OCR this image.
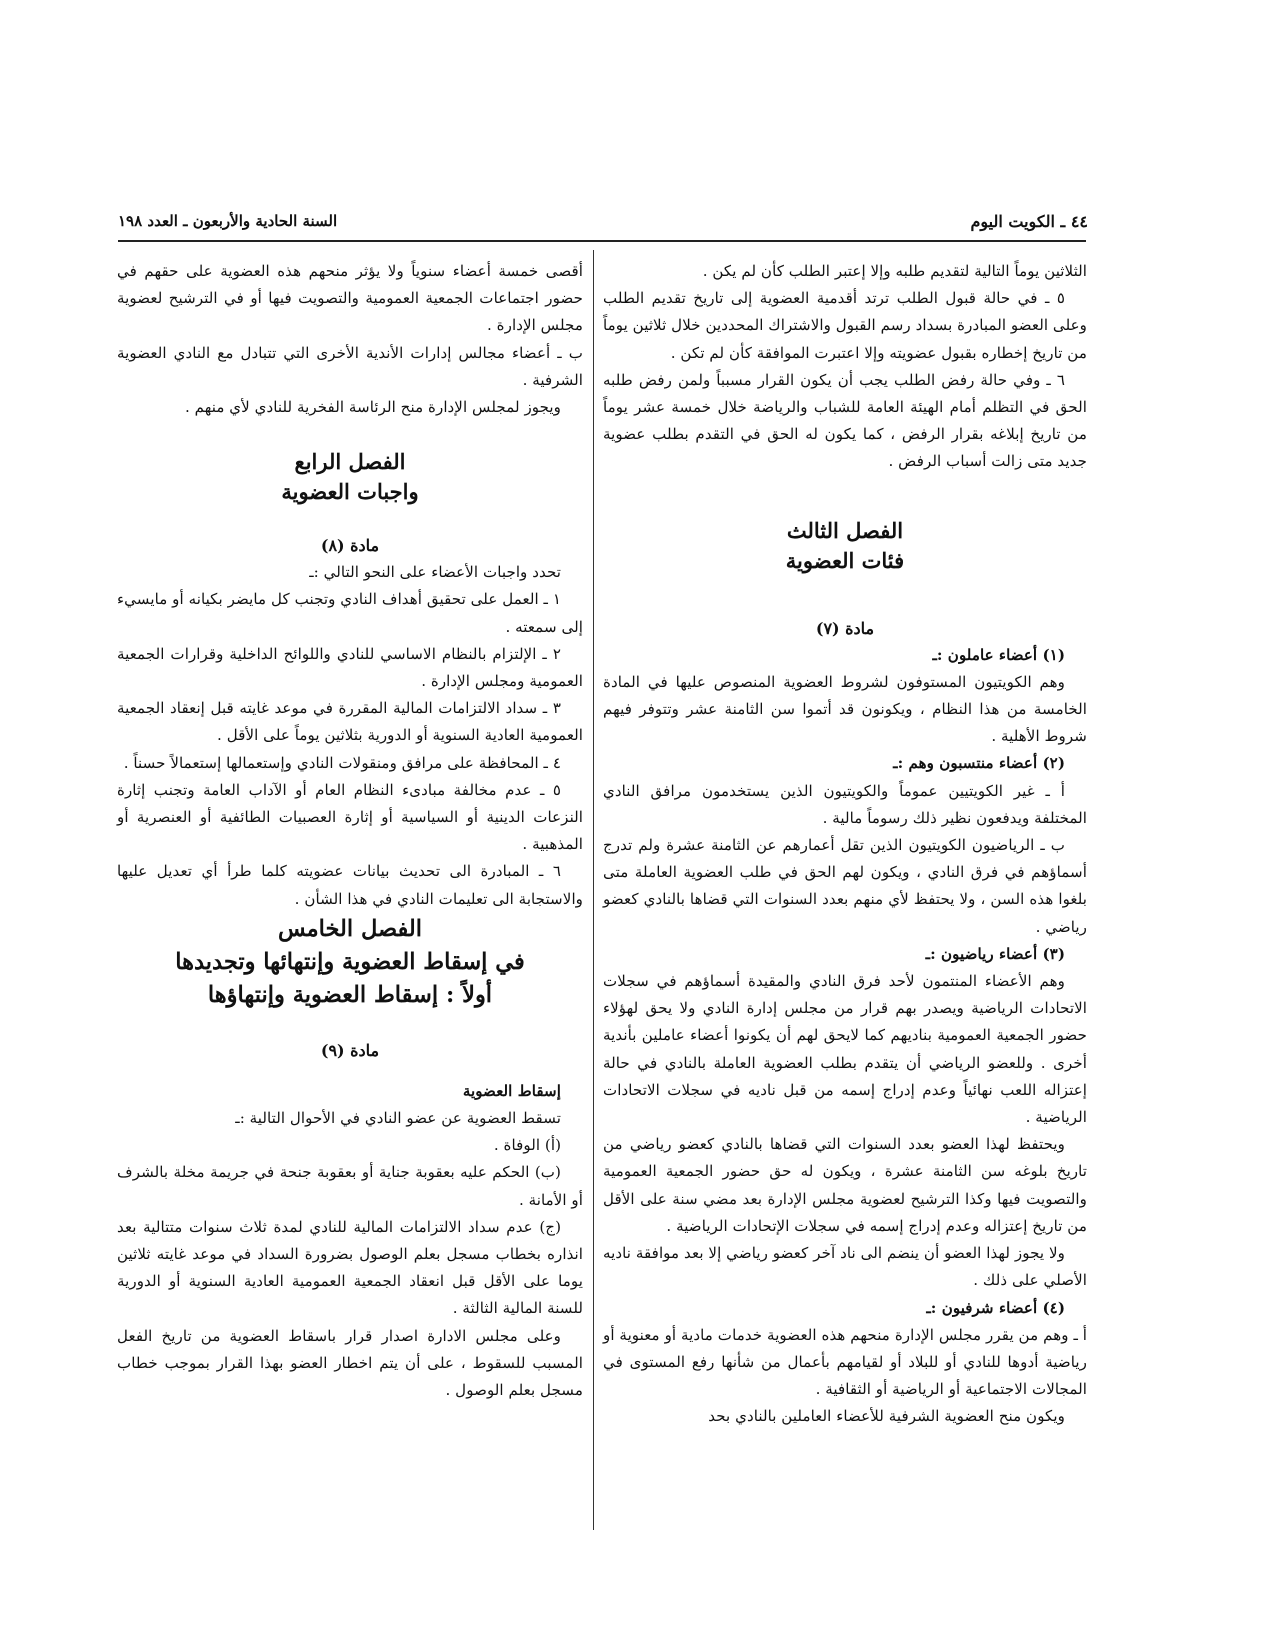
السنة الحادية والأربعون ـ العدد ١٩٨	٤٤ ـ الكويت اليوم

الثلاثين يوماً التالية لتقديم طلبه وإلا إعتبر الطلب كأن لم يكن .

٥ ـ في حالة قبول الطلب ترتد أقدمية العضوية إلى تاريخ تقديم الطلب وعلى العضو المبادرة بسداد رسم القبول والاشتراك المحددين خلال ثلاثين يوماً من تاريخ إخطاره بقبول عضويته وإلا اعتبرت الموافقة كأن لم تكن .

٦ ـ وفي حالة رفض الطلب يجب أن يكون القرار مسبباً ولمن رفض طلبه الحق في التظلم أمام الهيئة العامة للشباب والرياضة خلال خمسة عشر يوماً من تاريخ إبلاغه بقرار الرفض ، كما يكون له الحق في التقدم بطلب عضوية جديد متى زالت أسباب الرفض .

الفصل الثالث

فئات العضوية

مادة (٧)

(١) أعضاء عاملون :ـ

وهم الكويتيون المستوفون لشروط العضوية المنصوص عليها في المادة الخامسة من هذا النظام ، ويكونون قد أتموا سن الثامنة عشر وتتوفر فيهم شروط الأهلية .

(٢) أعضاء منتسبون وهم :ـ

أ ـ غير الكويتيين عموماً والكويتيون الذين يستخدمون مرافق النادي المختلفة ويدفعون نظير ذلك رسوماً مالية .

ب ـ الرياضيون الكويتيون الذين تقل أعمارهم عن الثامنة عشرة ولم تدرج أسماؤهم في فرق النادي ، ويكون لهم الحق في طلب العضوية العاملة متى بلغوا هذه السن ، ولا يحتفظ لأي منهم بعدد السنوات التي قضاها بالنادي كعضو رياضي .

(٣) أعضاء رياضيون :ـ

وهم الأعضاء المنتمون لأحد فرق النادي والمقيدة أسماؤهم في سجلات الاتحادات الرياضية ويصدر بهم قرار من مجلس إدارة النادي ولا يحق لهؤلاء حضور الجمعية العمومية بناديهم كما لايحق لهم أن يكونوا أعضاء عاملين بأندية أخرى . وللعضو الرياضي أن يتقدم بطلب العضوية العاملة بالنادي في حالة إعتزاله اللعب نهائياً وعدم إدراج إسمه من قبل ناديه في سجلات الاتحادات الرياضية .

ويحتفظ لهذا العضو بعدد السنوات التي قضاها بالنادي كعضو رياضي من تاريخ بلوغه سن الثامنة عشرة ، ويكون له حق حضور الجمعية العمومية والتصويت فيها وكذا الترشيح لعضوية مجلس الإدارة بعد مضي سنة على الأقل من تاريخ إعتزاله وعدم إدراج إسمه في سجلات الإتحادات الرياضية .

ولا يجوز لهذا العضو أن ينضم الى ناد آخر كعضو رياضي إلا بعد موافقة ناديه الأصلي على ذلك .

(٤) أعضاء شرفيون :ـ

أ ـ وهم من يقرر مجلس الإدارة منحهم هذه العضوية خدمات مادية أو معنوية أو رياضية أدوها للنادي أو للبلاد أو لقيامهم بأعمال من شأنها رفع المستوى في المجالات الاجتماعية أو الرياضية أو الثقافية .

ويكون منح العضوية الشرفية للأعضاء العاملين بالنادي بحد

أقصى خمسة أعضاء سنوياً ولا يؤثر منحهم هذه العضوية على حقهم في حضور اجتماعات الجمعية العمومية والتصويت فيها أو في الترشيح لعضوية مجلس الإدارة .

ب ـ أعضاء مجالس إدارات الأندية الأخرى التي تتبادل مع النادي العضوية الشرفية .

ويجوز لمجلس الإدارة منح الرئاسة الفخرية للنادي لأي منهم .

الفصل الرابع

واجبات العضوية

مادة (٨)

تحدد واجبات الأعضاء على النحو التالي :ـ

١ ـ العمل على تحقيق أهداف النادي وتجنب كل مايضر بكيانه أو مايسيء إلى سمعته .

٢ ـ الإلتزام بالنظام الاساسي للنادي واللوائح الداخلية وقرارات الجمعية العمومية ومجلس الإدارة .

٣ ـ سداد الالتزامات المالية المقررة في موعد غايته قبل إنعقاد الجمعية العمومية العادية السنوية أو الدورية بثلاثين يوماً على الأقل .

٤ ـ المحافظة على مرافق ومنقولات النادي وإستعمالها إستعمالاً حسناً .

٥ ـ عدم مخالفة مبادىء النظام العام أو الآداب العامة وتجنب إثارة النزعات الدينية أو السياسية أو إثارة العصبيات الطائفية أو العنصرية أو المذهبية .

٦ ـ المبادرة الى تحديث بيانات عضويته كلما طرأ أي تعديل عليها والاستجابة الى تعليمات النادي في هذا الشأن .

الفصل الخامس

في إسقاط العضوية وإنتهائها وتجديدها

أولاً : إسقاط العضوية وإنتهاؤها

مادة (٩)

إسقاط العضوية

تسقط العضوية عن عضو النادي في الأحوال التالية :ـ

(أ) الوفاة .

(ب) الحكم عليه بعقوبة جناية أو بعقوبة جنحة في جريمة مخلة بالشرف أو الأمانة .

(ج) عدم سداد الالتزامات المالية للنادي لمدة ثلاث سنوات متتالية بعد انذاره بخطاب مسجل بعلم الوصول بضرورة السداد في موعد غايته ثلاثين يوما على الأقل قبل انعقاد الجمعية العمومية العادية السنوية أو الدورية للسنة المالية الثالثة .

وعلى مجلس الادارة اصدار قرار باسقاط العضوية من تاريخ الفعل المسبب للسقوط ، على أن يتم اخطار العضو بهذا القرار بموجب خطاب مسجل بعلم الوصول .
